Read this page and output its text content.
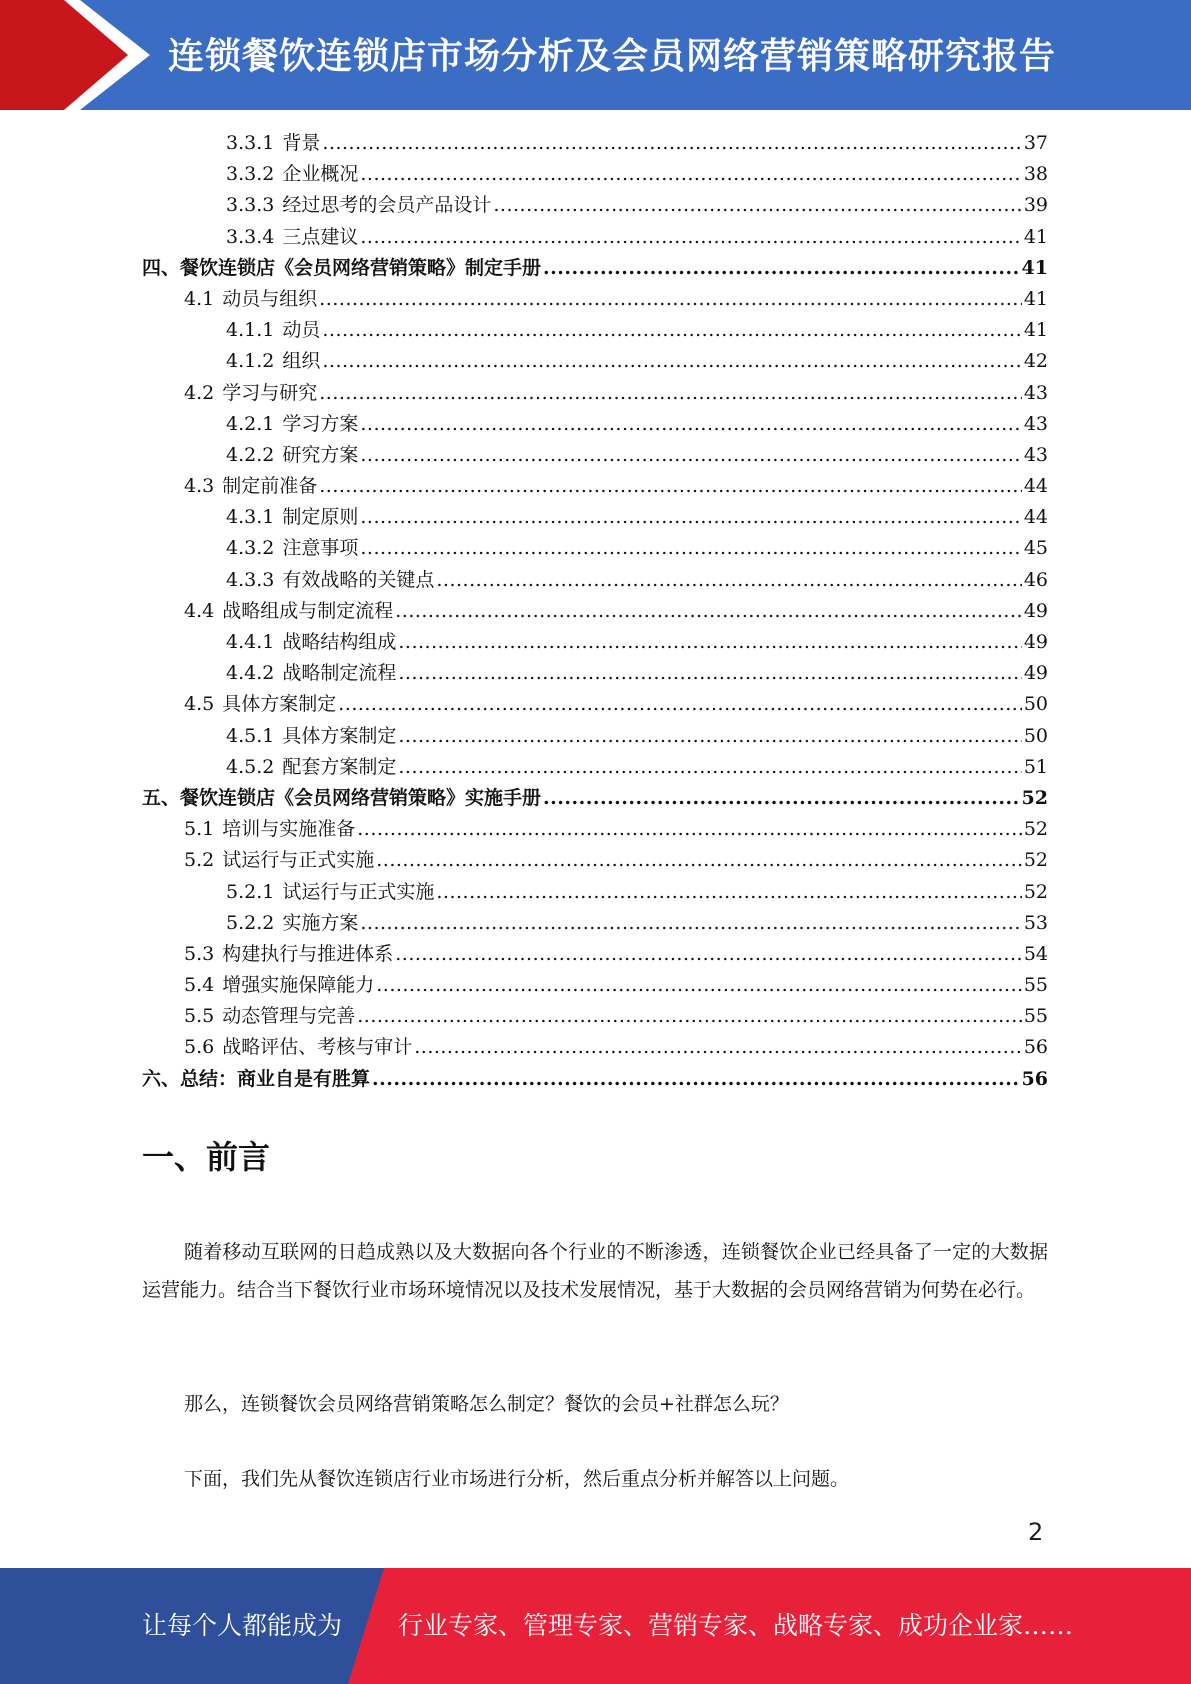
连锁餐饮连锁店市场分析及会员网络营销策略研究报告
3.3.1 背景 .....	37
3.3.2 企业概况 .....	38
3.3.3 经过思考的会员产品设计 .....	39
3.3.4 三点建议 .....	41
四、 餐饮连锁店《会员网络营销策略》制定手册 .....	41
4.1 动员与组织 .....	41
4.1.1 动员 .....	41
4.1.2 组织 .....	42
4.2 学习与研究 .....	43
4.2.1 学习方案 .....	43
4.2.2 研究方案 .....	43
4.3 制定前准备 .....	44
4.3.1 制定原则 .....	44
4.3.2 注意事项 .....	45
4.3.3 有效战略的关键点 .....	46
4.4 战略组成与制定流程 .....	49
4.4.1 战略结构组成 .....	49
4.4.2 战略制定流程 .....	49
4.5 具体方案制定 .....	50
4.5.1 具体方案制定 .....	50
4.5.2 配套方案制定 .....	51
五、 餐饮连锁店《会员网络营销策略》实施手册 .....	52
5.1 培训与实施准备 .....	52
5.2 试运行与正式实施 .....	52
5.2.1 试运行与正式实施 .....	52
5.2.2 实施方案 .....	53
5.3 构建执行与推进体系 .....	54
5.4 增强实施保障能力 .....	55
5.5 动态管理与完善 .....	55
5.6 战略评估、考核与审计 .....	56
六、 总结：商业自是有胜算 .....	56
一、前言
随着移动互联网的日趋成熟以及大数据向各个行业的不断渗透，连锁餐饮企业已经具备了一定的大数据运营能力。结合当下餐饮行业市场环境情况以及技术发展情况，基于大数据的会员网络营销为何势在必行。
那么，连锁餐饮会员网络营销策略怎么制定？餐饮的会员+社群怎么玩？
下面，我们先从餐饮连锁店行业市场进行分析，然后重点分析并解答以上问题。
2
让每个人都能成为 行业专家、管理专家、营销专家、战略专家、成功企业家……
